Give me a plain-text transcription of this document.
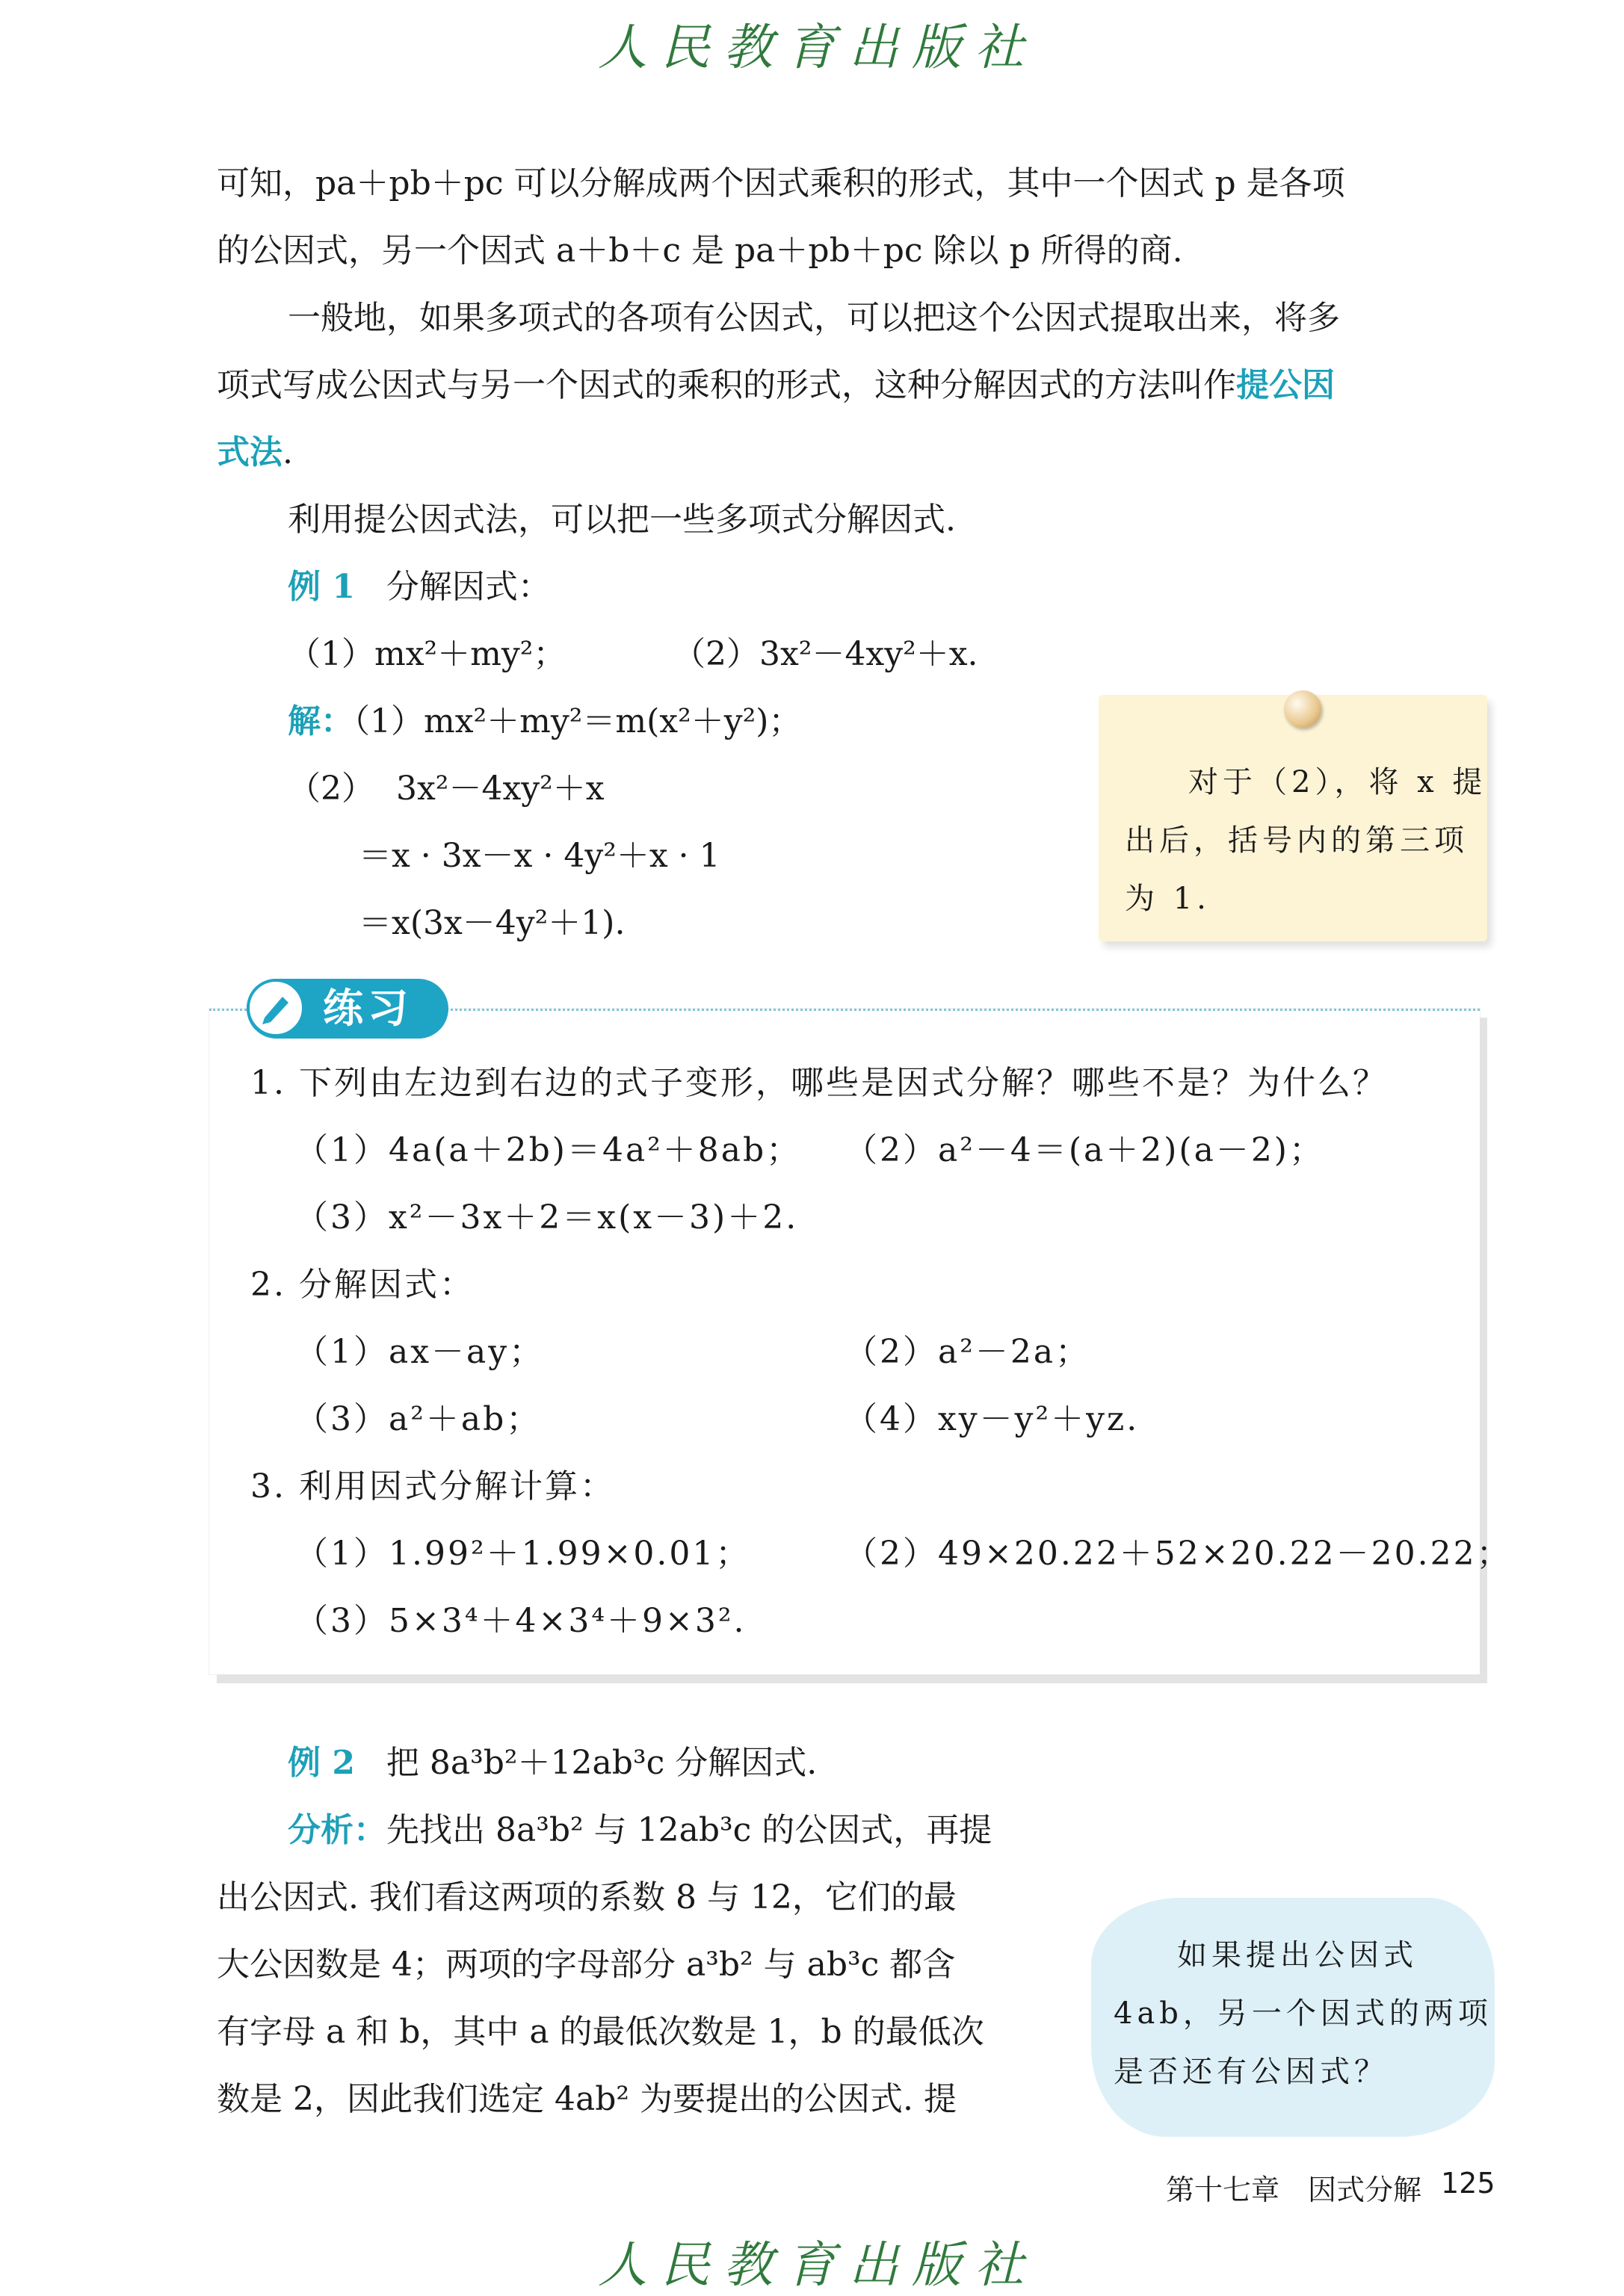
人民教育出版社
可知，pa＋pb＋pc 可以分解成两个因式乘积的形式，其中一个因式 p 是各项
的公因式，另一个因式 a＋b＋c 是 pa＋pb＋pc 除以 p 所得的商.
一般地，如果多项式的各项有公因式，可以把这个公因式提取出来，将多
项式写成公因式与另一个因式的乘积的形式，这种分解因式的方法叫作提公因
式法.
利用提公因式法，可以把一些多项式分解因式.
例 1 分解因式：
（1）mx²＋my²；	（2）3x²－4xy²＋x.
解：（1）mx²＋my²＝m(x²＋y²)；
（2） 3x²－4xy²＋x
＝x · 3x－x · 4y²＋x · 1
＝x(3x－4y²＋1).
对于（2），将 x 提
出后，括号内的第三项
为 1.
练习
1. 下列由左边到右边的式子变形，哪些是因式分解？哪些不是？为什么？
（1）4a(a＋2b)＝4a²＋8ab； （2）a²－4＝(a＋2)(a－2)；
（3）x²－3x＋2＝x(x－3)＋2.
2. 分解因式：
（1）ax－ay；	（2）a²－2a；
（3）a²＋ab；	（4）xy－y²＋yz.
3. 利用因式分解计算：
（1）1.99²＋1.99×0.01；	（2）49×20.22＋52×20.22－20.22；
（3）5×3⁴＋4×3⁴＋9×3².
例 2 把 8a³b²＋12ab³c 分解因式.
分析：先找出 8a³b² 与 12ab³c 的公因式，再提
出公因式. 我们看这两项的系数 8 与 12，它们的最
大公因数是 4；两项的字母部分 a³b² 与 ab³c 都含
有字母 a 和 b，其中 a 的最低次数是 1，b 的最低次
数是 2，因此我们选定 4ab² 为要提出的公因式. 提
如果提出公因式
4ab，另一个因式的两项
是否还有公因式？
第十七章　因式分解 125
人民教育出版社
